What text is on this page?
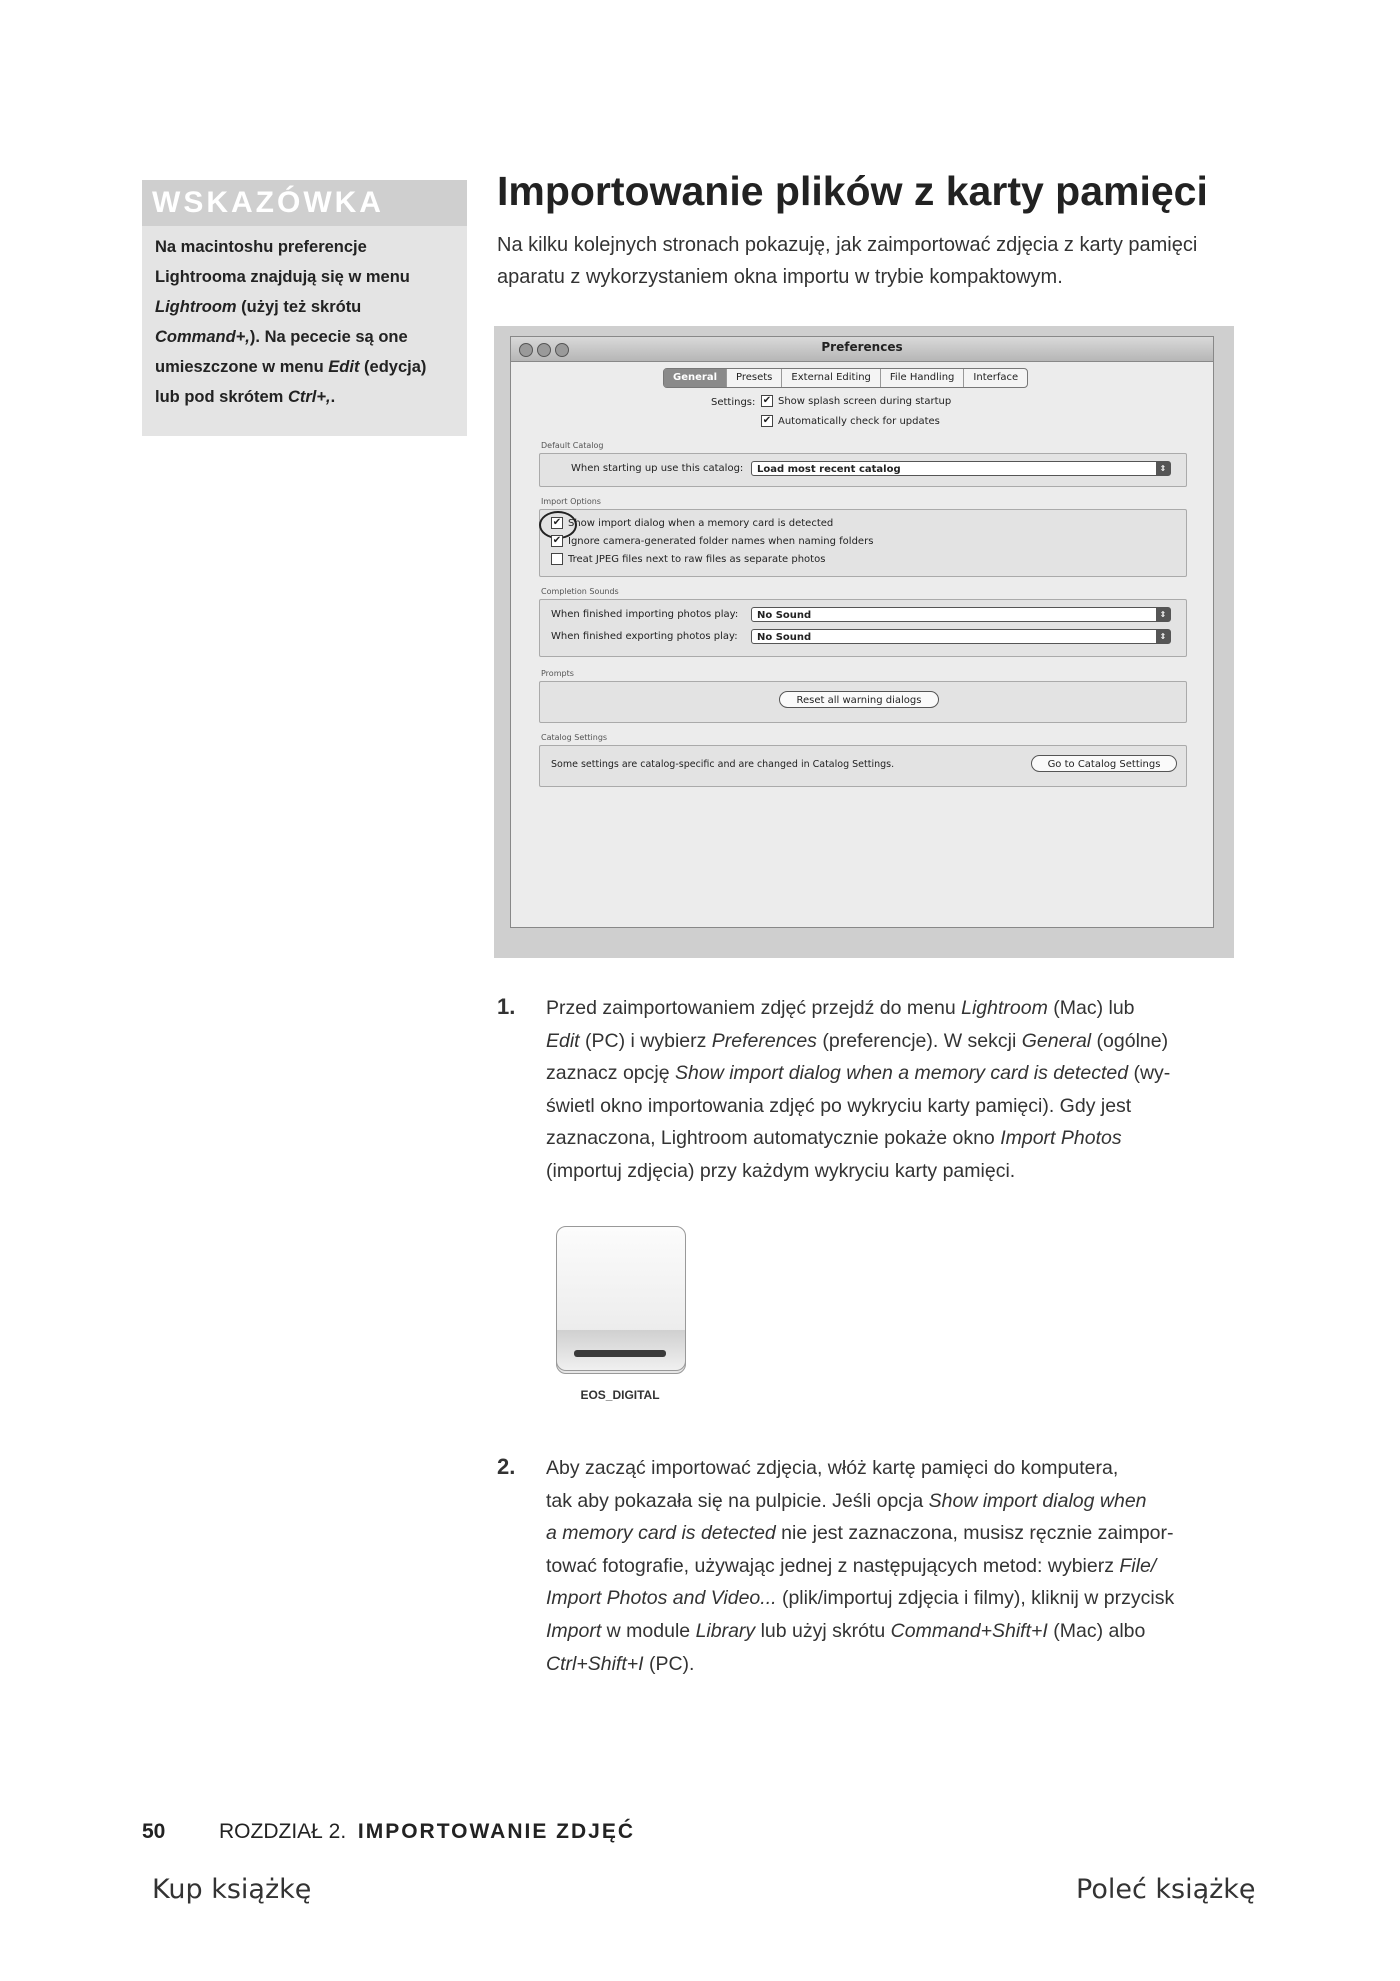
WSKAZÓWKA
Na macintoshu preferencje
Lightrooma znajdują się w menu
Lightroom (użyj też skrótu
Command+,). Na pececie są one
umieszczone w menu Edit (edycja)
lub pod skrótem Ctrl+,.
Importowanie plików z karty pamięci
Na kilku kolejnych stronach pokazuję, jak zaimportować zdjęcia z karty pamięci aparatu z wykorzystaniem okna importu w trybie kompaktowym.
Preferences
General	Presets	External Editing	File Handling	Interface
Settings: ✔ Show splash screen during startup
✔ Automatically check for updates
Default Catalog
When starting up use this catalog:	Load most recent catalog	⇕
Import Options
✔ Show import dialog when a memory card is detected
✔ Ignore camera-generated folder names when naming folders
Treat JPEG files next to raw files as separate photos
Completion Sounds
When finished importing photos play:	No Sound	⇕
When finished exporting photos play:	No Sound	⇕
Prompts
Reset all warning dialogs
Catalog Settings
Some settings are catalog-specific and are changed in Catalog Settings.	Go to Catalog Settings
1. Przed zaimportowaniem zdjęć przejdź do menu Lightroom (Mac) lub
Edit (PC) i wybierz Preferences (preferencje). W sekcji General (ogólne)
zaznacz opcję Show import dialog when a memory card is detected (wy-
świetl okno importowania zdjęć po wykryciu karty pamięci). Gdy jest
zaznaczona, Lightroom automatycznie pokaże okno Import Photos
(importuj zdjęcia) przy każdym wykryciu karty pamięci.
EOS_DIGITAL
2. Aby zacząć importować zdjęcia, włóż kartę pamięci do komputera,
tak aby pokazała się na pulpicie. Jeśli opcja Show import dialog when
a memory card is detected nie jest zaznaczona, musisz ręcznie zaimpor-
tować fotografie, używając jednej z następujących metod: wybierz File/
Import Photos and Video... (plik/importuj zdjęcia i filmy), kliknij w przycisk
Import w module Library lub użyj skrótu Command+Shift+I (Mac) albo
Ctrl+Shift+I (PC).
50	ROZDZIAŁ 2. IMPORTOWANIE ZDJĘĆ
Kup książkę	Poleć książkę
